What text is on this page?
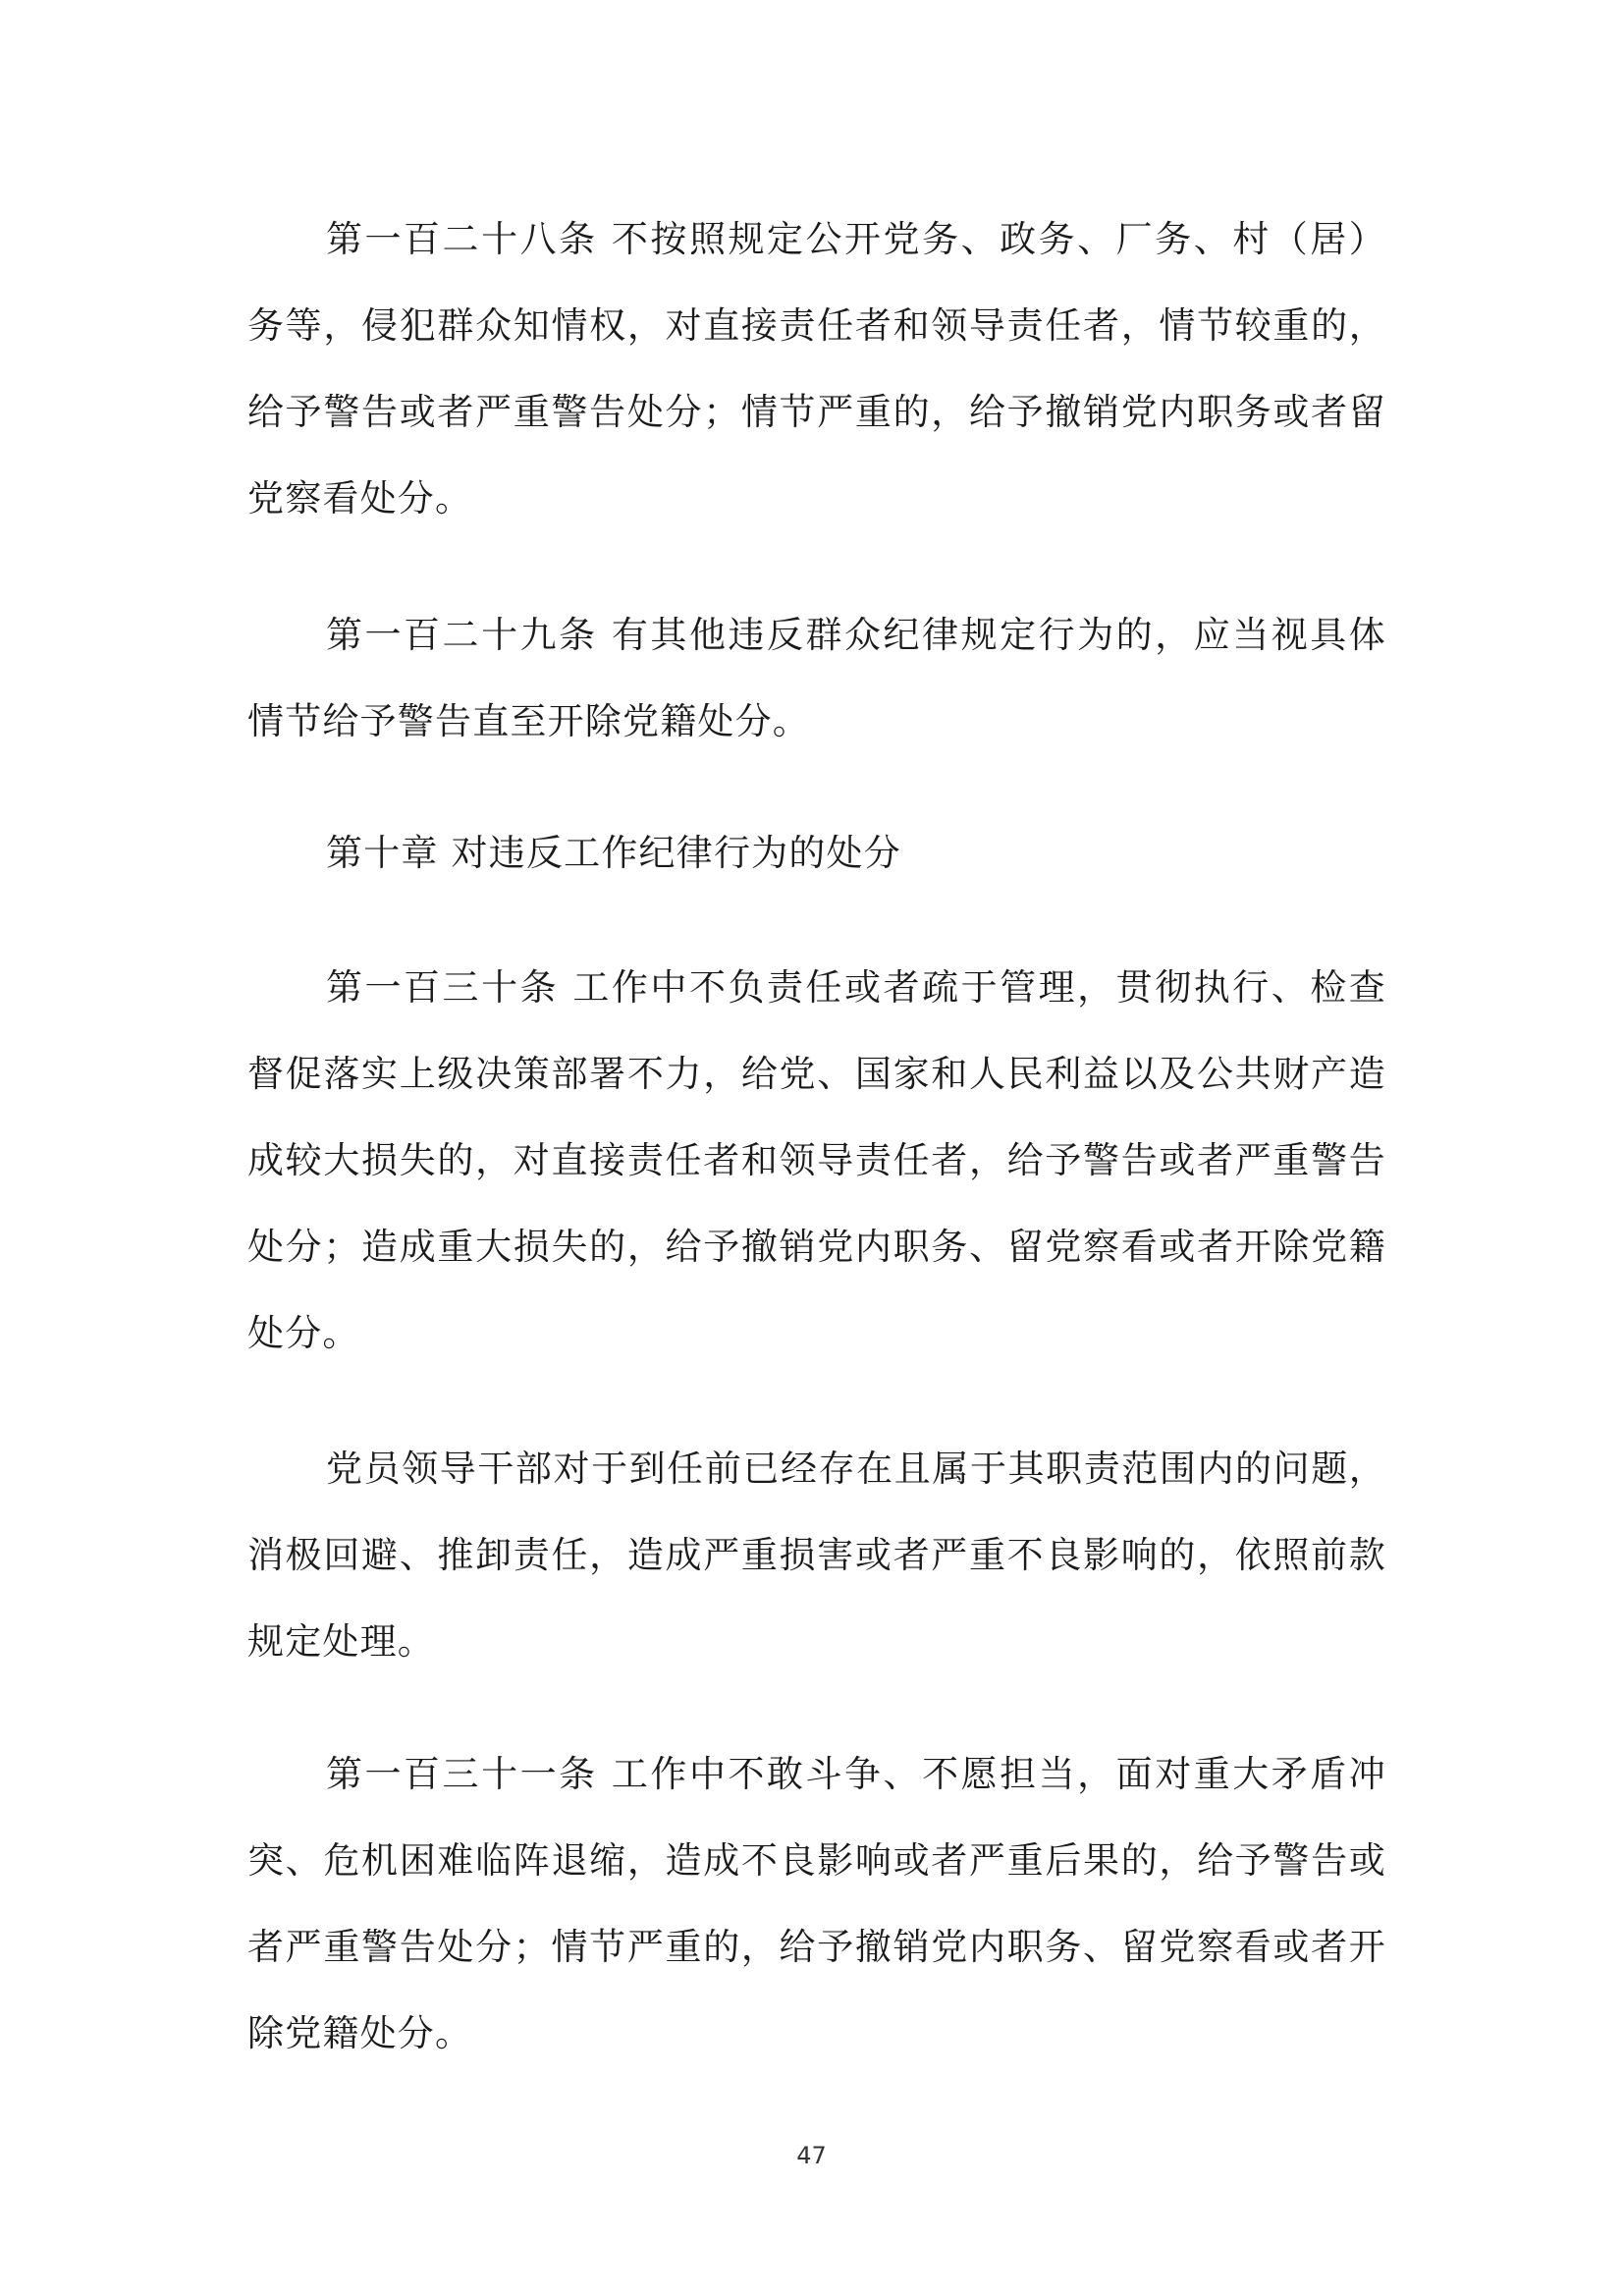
第一百二十八条 不按照规定公开党务、政务、厂务、村（居）务等，侵犯群众知情权，对直接责任者和领导责任者，情节较重的，给予警告或者严重警告处分；情节严重的，给予撤销党内职务或者留党察看处分。

第一百二十九条 有其他违反群众纪律规定行为的，应当视具体情节给予警告直至开除党籍处分。

第十章 对违反工作纪律行为的处分

第一百三十条 工作中不负责任或者疏于管理，贯彻执行、检查督促落实上级决策部署不力，给党、国家和人民利益以及公共财产造成较大损失的，对直接责任者和领导责任者，给予警告或者严重警告处分；造成重大损失的，给予撤销党内职务、留党察看或者开除党籍处分。

党员领导干部对于到任前已经存在且属于其职责范围内的问题，消极回避、推卸责任，造成严重损害或者严重不良影响的，依照前款规定处理。

第一百三十一条 工作中不敢斗争、不愿担当，面对重大矛盾冲突、危机困难临阵退缩，造成不良影响或者严重后果的，给予警告或者严重警告处分；情节严重的，给予撤销党内职务、留党察看或者开除党籍处分。

47
